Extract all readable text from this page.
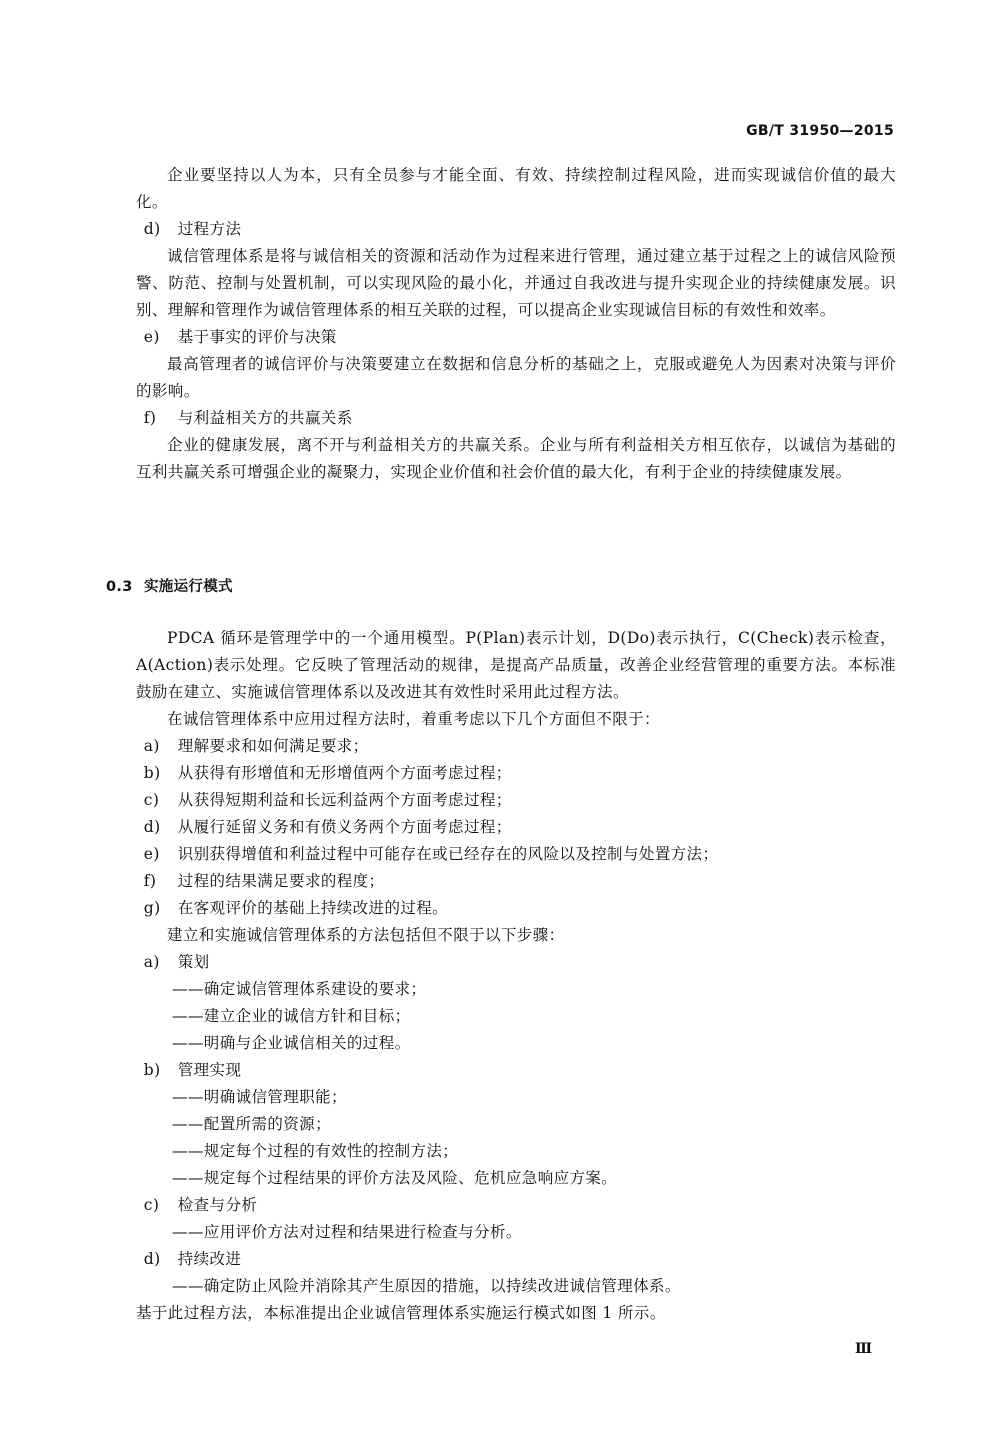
GB/T 31950—2015

企业要坚持以人为本，只有全员参与才能全面、有效、持续控制过程风险，进而实现诚信价值的最大化。

d) 过程方法

诚信管理体系是将与诚信相关的资源和活动作为过程来进行管理，通过建立基于过程之上的诚信风险预警、防范、控制与处置机制，可以实现风险的最小化，并通过自我改进与提升实现企业的持续健康发展。识别、理解和管理作为诚信管理体系的相互关联的过程，可以提高企业实现诚信目标的有效性和效率。

e) 基于事实的评价与决策

最高管理者的诚信评价与决策要建立在数据和信息分析的基础之上，克服或避免人为因素对决策与评价的影响。

f) 与利益相关方的共赢关系

企业的健康发展，离不开与利益相关方的共赢关系。企业与所有利益相关方相互依存，以诚信为基础的互利共赢关系可增强企业的凝聚力，实现企业价值和社会价值的最大化，有利于企业的持续健康发展。

0.3 实施运行模式

PDCA 循环是管理学中的一个通用模型。P(Plan)表示计划，D(Do)表示执行，C(Check)表示检查，A(Action)表示处理。它反映了管理活动的规律，是提高产品质量，改善企业经营管理的重要方法。本标准鼓励在建立、实施诚信管理体系以及改进其有效性时采用此过程方法。

在诚信管理体系中应用过程方法时，着重考虑以下几个方面但不限于：

a) 理解要求和如何满足要求；

b) 从获得有形增值和无形增值两个方面考虑过程；

c) 从获得短期利益和长远利益两个方面考虑过程；

d) 从履行延留义务和有偾义务两个方面考虑过程；

e) 识别获得增值和利益过程中可能存在或已经存在的风险以及控制与处置方法；

f) 过程的结果满足要求的程度；

g) 在客观评价的基础上持续改进的过程。

建立和实施诚信管理体系的方法包括但不限于以下步骤：

a) 策划

——确定诚信管理体系建设的要求；

——建立企业的诚信方针和目标；

——明确与企业诚信相关的过程。

b) 管理实现

——明确诚信管理职能；

——配置所需的资源；

——规定每个过程的有效性的控制方法；

——规定每个过程结果的评价方法及风险、危机应急响应方案。

c) 检查与分析

——应用评价方法对过程和结果进行检查与分析。

d) 持续改进

——确定防止风险并消除其产生原因的措施，以持续改进诚信管理体系。

基于此过程方法，本标准提出企业诚信管理体系实施运行模式如图 1 所示。

Ⅲ
